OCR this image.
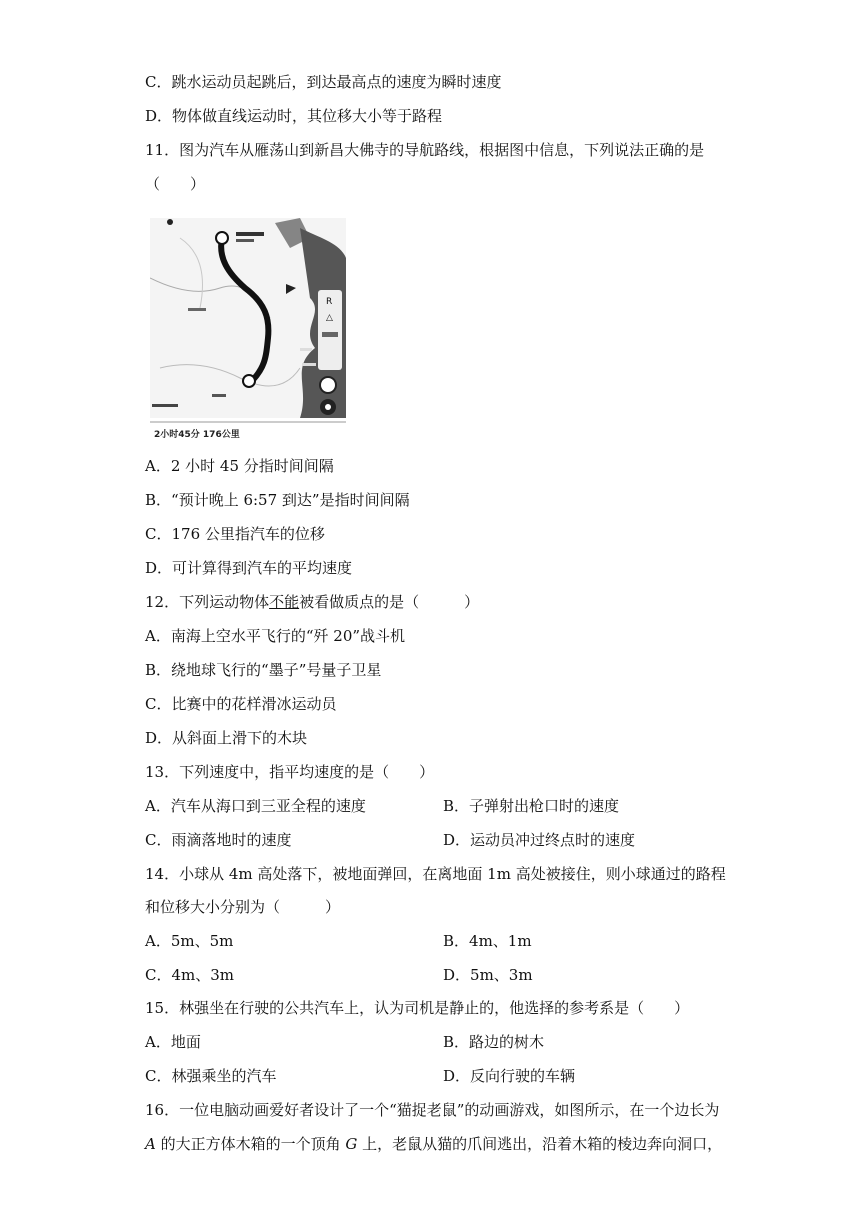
C．跳水运动员起跳后，到达最高点的速度为瞬时速度
D．物体做直线运动时，其位移大小等于路程
11．图为汽车从雁荡山到新昌大佛寺的导航路线，根据图中信息，下列说法正确的是
（　　）
R
△
2小时45分 176公里
A．2 小时 45 分指时间间隔
B．“预计晚上 6:57 到达”是指时间间隔
C．176 公里指汽车的位移
D．可计算得到汽车的平均速度
12．下列运动物体不能被看做质点的是（　　　）
A．南海上空水平飞行的“歼 20”战斗机
B．绕地球飞行的“墨子”号量子卫星
C．比赛中的花样滑冰运动员
D．从斜面上滑下的木块
13．下列速度中，指平均速度的是（　　）
A．汽车从海口到三亚全程的速度	B．子弹射出枪口时的速度
C．雨滴落地时的速度	D．运动员冲过终点时的速度
14．小球从 4m 高处落下，被地面弹回，在离地面 1m 高处被接住，则小球通过的路程
和位移大小分别为（　　　）
A．5m、5m	B．4m、1m
C．4m、3m	D．5m、3m
15．林强坐在行驶的公共汽车上，认为司机是静止的，他选择的参考系是（　　）
A．地面	B．路边的树木
C．林强乘坐的汽车	D．反向行驶的车辆
16．一位电脑动画爱好者设计了一个“猫捉老鼠”的动画游戏，如图所示，在一个边长为
A 的大正方体木箱的一个顶角 G 上，老鼠从猫的爪间逃出，沿着木箱的棱边奔向洞口，
